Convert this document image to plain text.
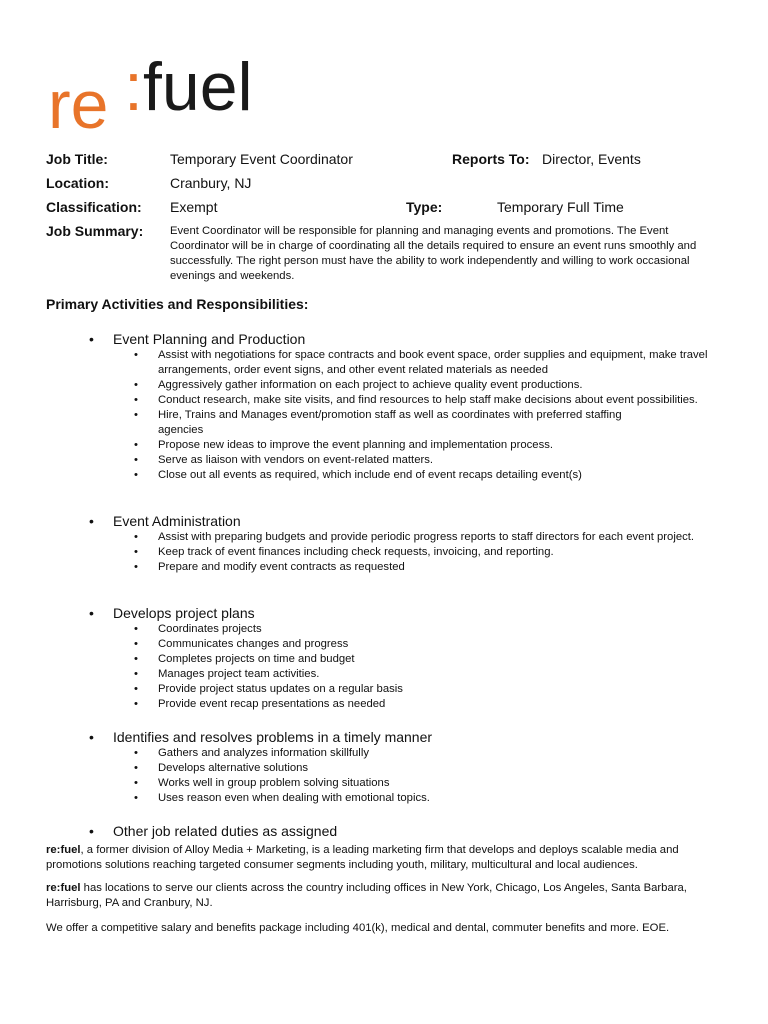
re : fuel
Job Title:	Temporary Event Coordinator	Reports To: Director, Events
Location:	Cranbury, NJ
Classification: Exempt	Type:	Temporary Full Time
Job Summary: Event Coordinator will be responsible for planning and managing events and promotions. The Event Coordinator will be in charge of coordinating all the details required to ensure an event runs smoothly and successfully. The right person must have the ability to work independently and willing to work occasional evenings and weekends.

Primary Activities and Responsibilities:
• Event Planning and Production
• Assist with negotiations for space contracts and book event space, order supplies and equipment, make travel arrangements, order event signs, and other event related materials as needed
• Aggressively gather information on each project to achieve quality event productions.
• Conduct research, make site visits, and find resources to help staff make decisions about event possibilities.
• Hire, Trains and Manages event/promotion staff as well as coordinates with preferred staffing agencies
• Propose new ideas to improve the event planning and implementation process.
• Serve as liaison with vendors on event-related matters.
• Close out all events as required, which include end of event recaps detailing event(s)
• Event Administration
• Assist with preparing budgets and provide periodic progress reports to staff directors for each event project.
• Keep track of event finances including check requests, invoicing, and reporting.
• Prepare and modify event contracts as requested
• Develops project plans
• Coordinates projects
• Communicates changes and progress
• Completes projects on time and budget
• Manages project team activities.
• Provide project status updates on a regular basis
• Provide event recap presentations as needed
• Identifies and resolves problems in a timely manner
• Gathers and analyzes information skillfully
• Develops alternative solutions
• Works well in group problem solving situations
• Uses reason even when dealing with emotional topics.
• Other job related duties as assigned

re:fuel, a former division of Alloy Media + Marketing, is a leading marketing firm that develops and deploys scalable media and promotions solutions reaching targeted consumer segments including youth, military, multicultural and local audiences.

re:fuel has locations to serve our clients across the country including offices in New York, Chicago, Los Angeles, Santa Barbara, Harrisburg, PA and Cranbury, NJ.

We offer a competitive salary and benefits package including 401(k), medical and dental, commuter benefits and more. EOE.
